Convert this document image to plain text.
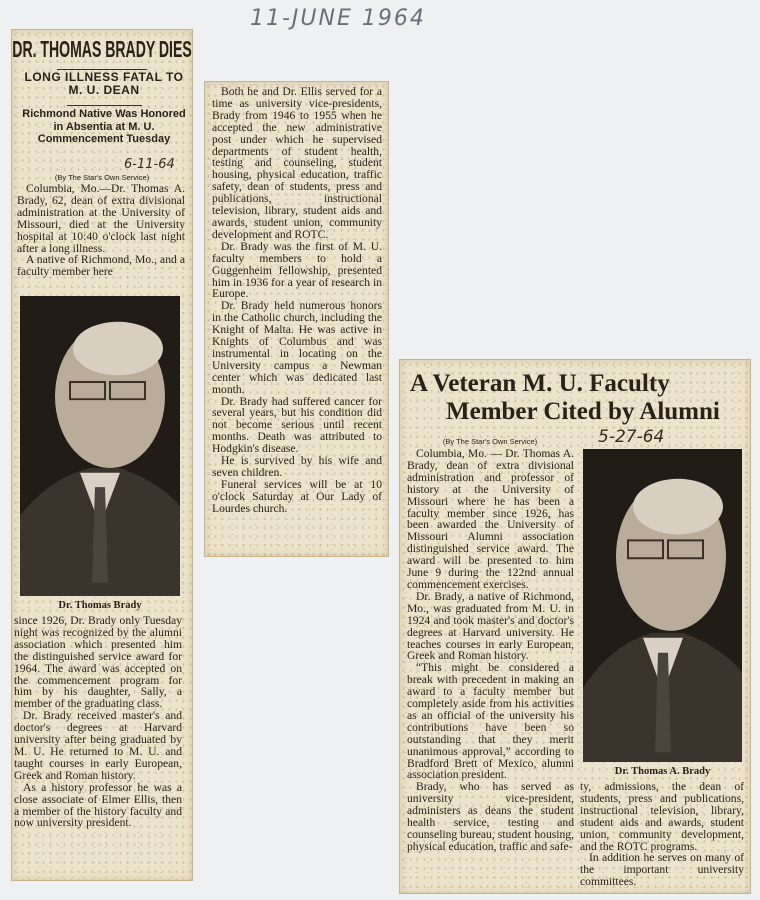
11-JUNE 1964
DR. THOMAS BRADY DIES
LONG ILLNESS FATAL TO M. U. DEAN
Richmond Native Was Honored in Absentia at M. U. Commencement Tuesday
6-11-64
(By The Star's Own Service)

Columbia, Mo.—Dr. Thomas A. Brady, 62, dean of extra divisional administration at the University of Missouri, died at the University hospital at 10:40 o'clock last night after a long illness.

A native of Richmond, Mo., and a faculty member here

Dr. Thomas Brady

since 1926, Dr. Brady only Tuesday night was recognized by the alumni association which presented him the distinguished service award for 1964. The award was accepted on the commencement program for him by his daughter, Sally, a member of the graduating class.

Dr. Brady received master's and doctor's degrees at Harvard university after being graduated by M. U. He returned to M. U. and taught courses in early European, Greek and Roman history.

As a history professor he was a close associate of Elmer Ellis, then a member of the history faculty and now university president.

Both he and Dr. Ellis served for a time as university vice-presidents, Brady from 1946 to 1955 when he accepted the new administrative post under which he supervised departments of student health, testing and counseling, student housing, physical education, traffic safety, dean of students, press and publications, instructional television, library, student aids and awards, student union, community development and ROTC.

Dr. Brady was the first of M. U. faculty members to hold a Guggenheim fellowship, presented him in 1936 for a year of research in Europe.

Dr. Brady held numerous honors in the Catholic church, including the Knight of Malta. He was active in Knights of Columbus and was instrumental in locating on the University campus a Newman center which was dedicated last month.

Dr. Brady had suffered cancer for several years, but his condition did not become serious until recent months. Death was attributed to Hodgkin's disease.

He is survived by his wife and seven children.

Funeral services will be at 10 o'clock Saturday at Our Lady of Lourdes church.

A Veteran M. U. Faculty
Member Cited by Alumni
(By The Star's Own Service)	5-27-64

Columbia, Mo. — Dr. Thomas A. Brady, dean of extra divisional administration and professor of history at the University of Missouri where he has been a faculty member since 1926, has been awarded the University of Missouri Alumni association distinguished service award. The award will be presented to him June 9 during the 122nd annual commencement exercises.

Dr. Brady, a native of Richmond, Mo., was graduated from M. U. in 1924 and took master's and doctor's degrees at Harvard university. He teaches courses in early European, Greek and Roman history.

“This might be considered a break with precedent in making an award to a faculty member but completely aside from his activities as an official of the university his contributions have been so outstanding that they merit unanimous approval,” according to Bradford Brett of Mexico, alumni association president.

Brady, who has served as university vice-president, administers as deans the student health service, testing and counseling bureau, student housing, physical education, traffic and safe-

Dr. Thomas A. Brady

ty, admissions, the dean of students, press and publications, instructional television, library, student aids and awards, student union, community development, and the ROTC programs.

In addition he serves on many of the important university committees.
